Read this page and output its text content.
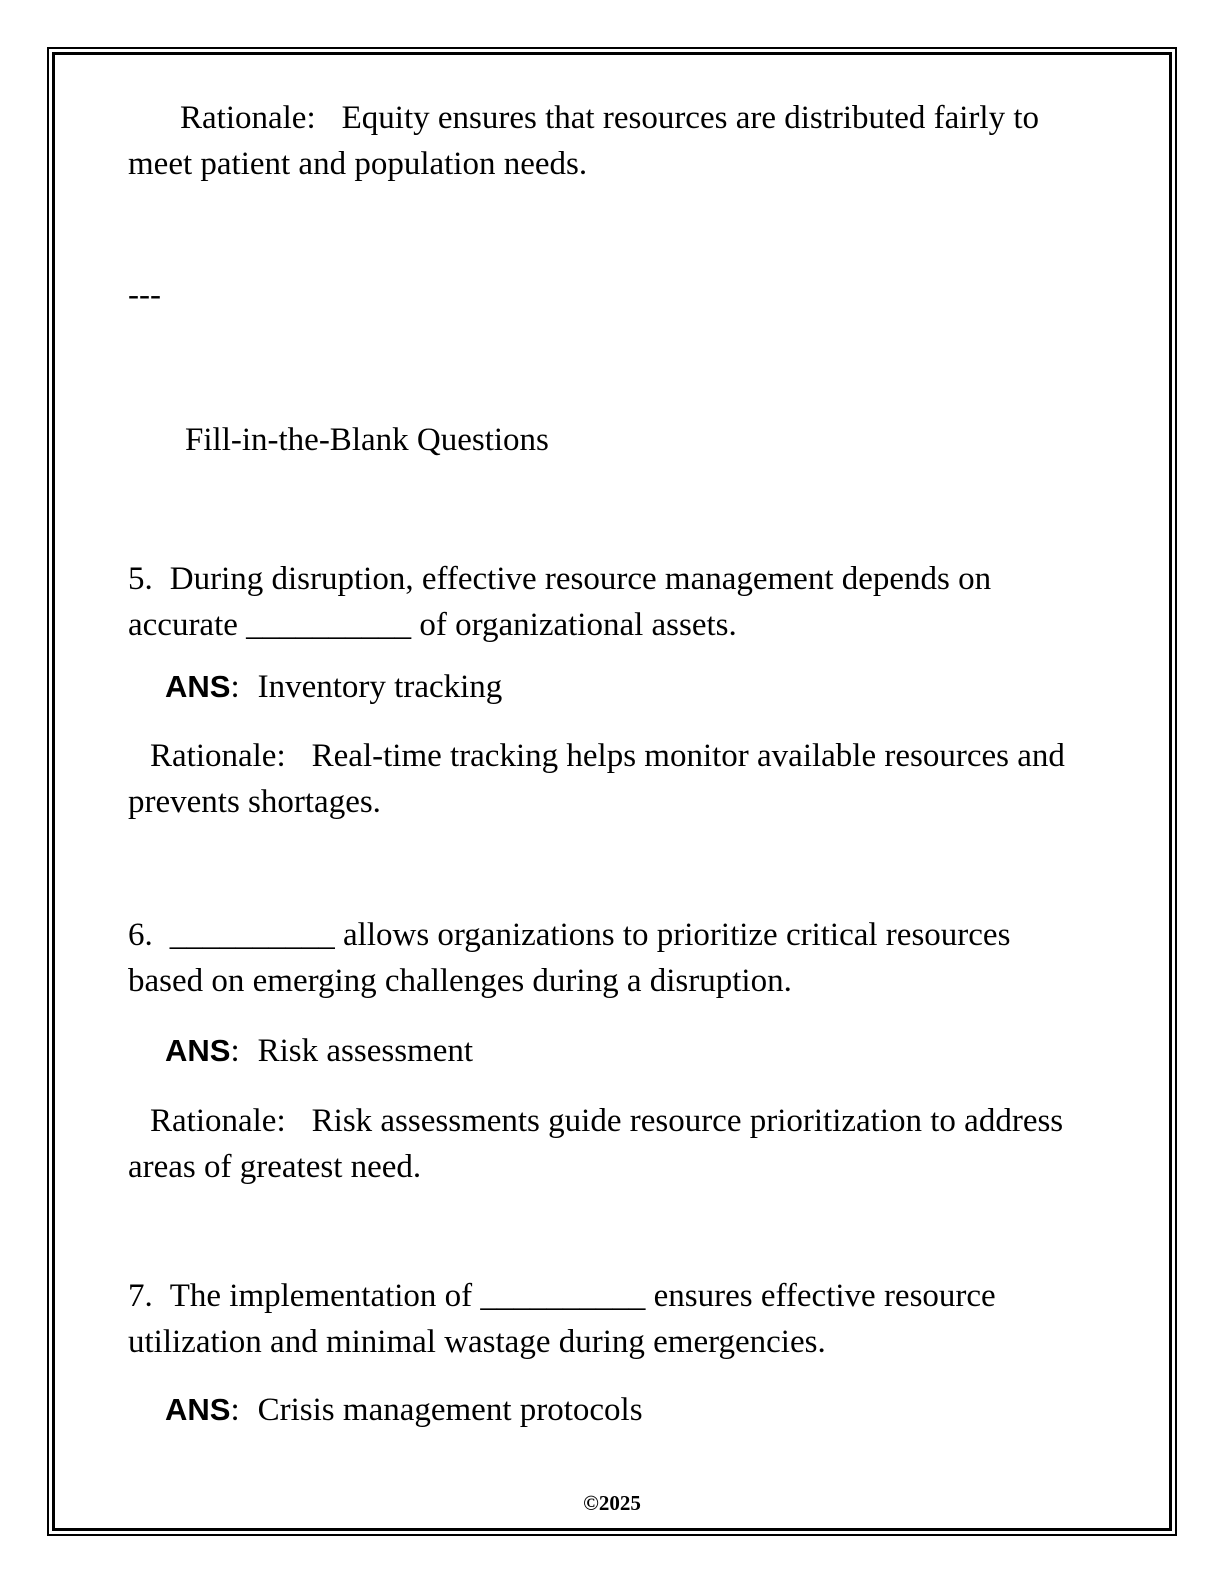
Rationale: Equity ensures that resources are distributed fairly to meet patient and population needs.

---

Fill-in-the-Blank Questions

5. During disruption, effective resource management depends on accurate __________ of organizational assets.

ANS: Inventory tracking

Rationale: Real-time tracking helps monitor available resources and prevents shortages.

6. __________ allows organizations to prioritize critical resources based on emerging challenges during a disruption.

ANS: Risk assessment

Rationale: Risk assessments guide resource prioritization to address areas of greatest need.

7. The implementation of __________ ensures effective resource utilization and minimal wastage during emergencies.

ANS: Crisis management protocols

©2025
